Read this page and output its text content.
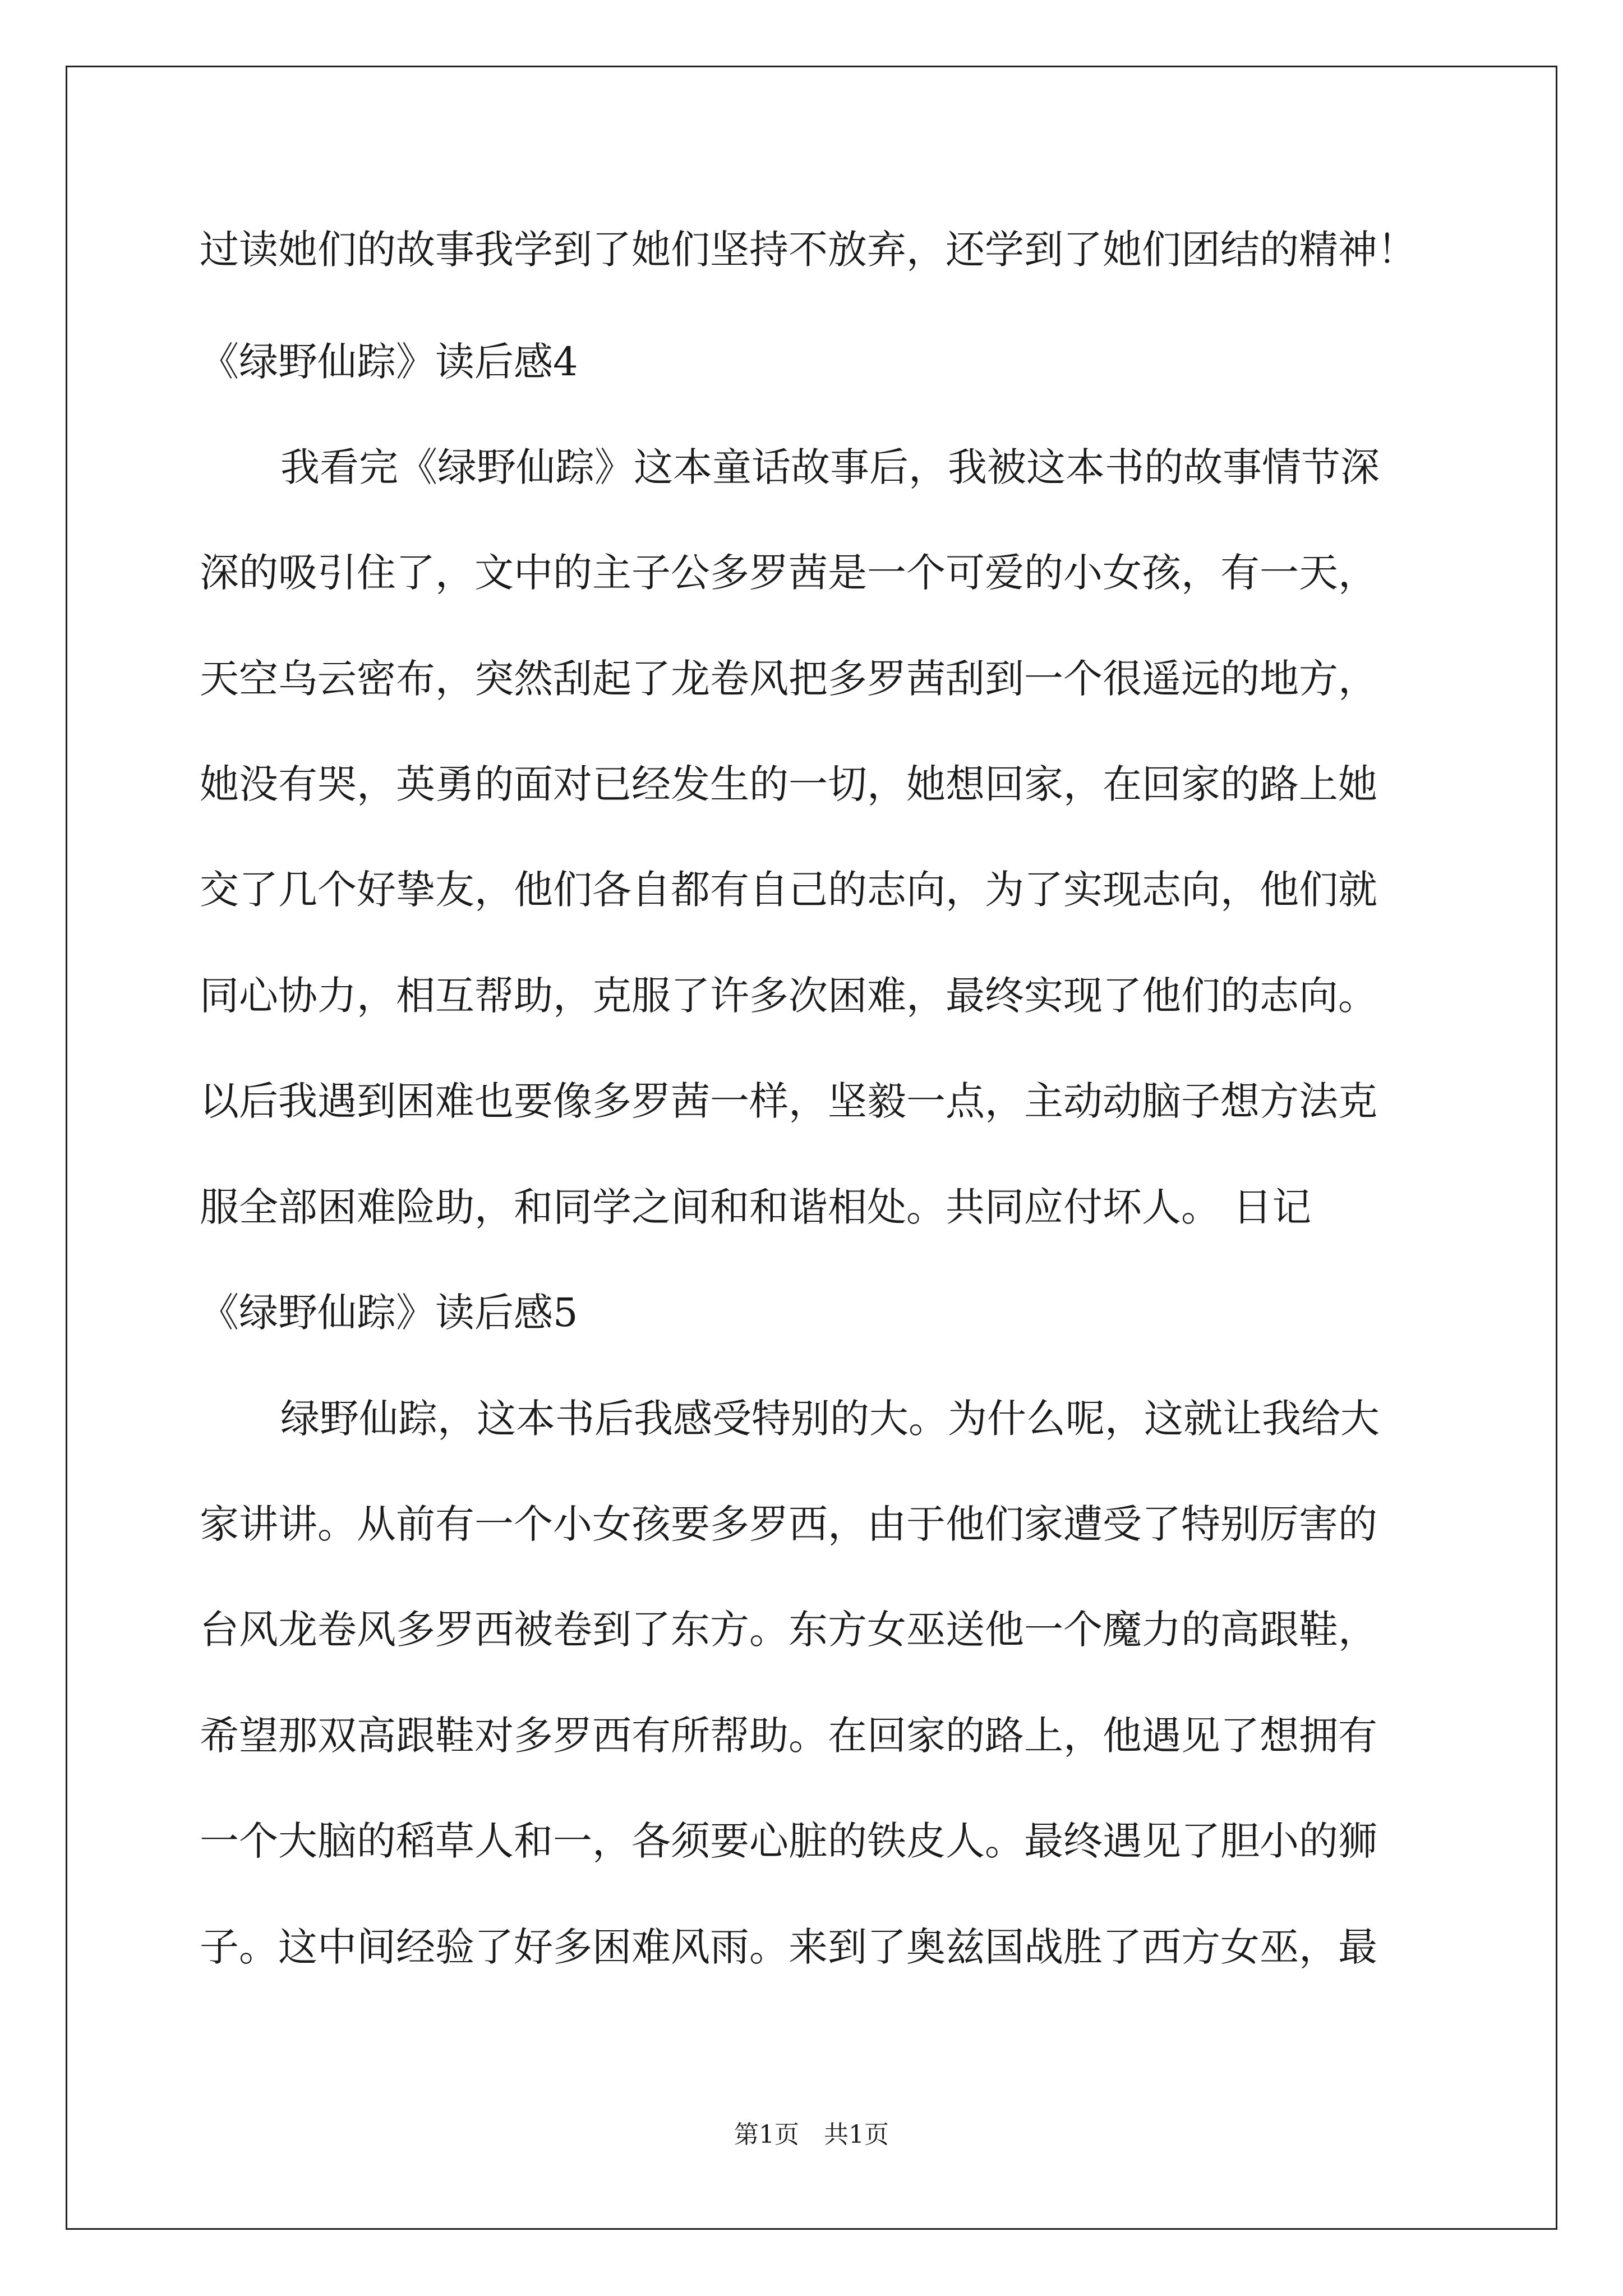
过读她们的故事我学到了她们坚持不放弃，还学到了她们团结的精神！
《绿野仙踪》读后感4
我看完《绿野仙踪》这本童话故事后，我被这本书的故事情节深
深的吸引住了，文中的主子公多罗茜是一个可爱的小女孩，有一天，
天空乌云密布，突然刮起了龙卷风把多罗茜刮到一个很遥远的地方，
她没有哭，英勇的面对已经发生的一切，她想回家，在回家的路上她
交了几个好挚友，他们各自都有自己的志向，为了实现志向，他们就
同心协力，相互帮助，克服了许多次困难，最终实现了他们的志向。
以后我遇到困难也要像多罗茜一样，坚毅一点，主动动脑子想方法克
服全部困难险助，和同学之间和和谐相处。共同应付坏人。 日记
《绿野仙踪》读后感5
绿野仙踪，这本书后我感受特别的大。为什么呢，这就让我给大
家讲讲。从前有一个小女孩要多罗西，由于他们家遭受了特别厉害的
台风龙卷风多罗西被卷到了东方。东方女巫送他一个魔力的高跟鞋，
希望那双高跟鞋对多罗西有所帮助。在回家的路上，他遇见了想拥有
一个大脑的稻草人和一，各须要心脏的铁皮人。最终遇见了胆小的狮
子。这中间经验了好多困难风雨。来到了奥兹国战胜了西方女巫，最
第1页　共1页
